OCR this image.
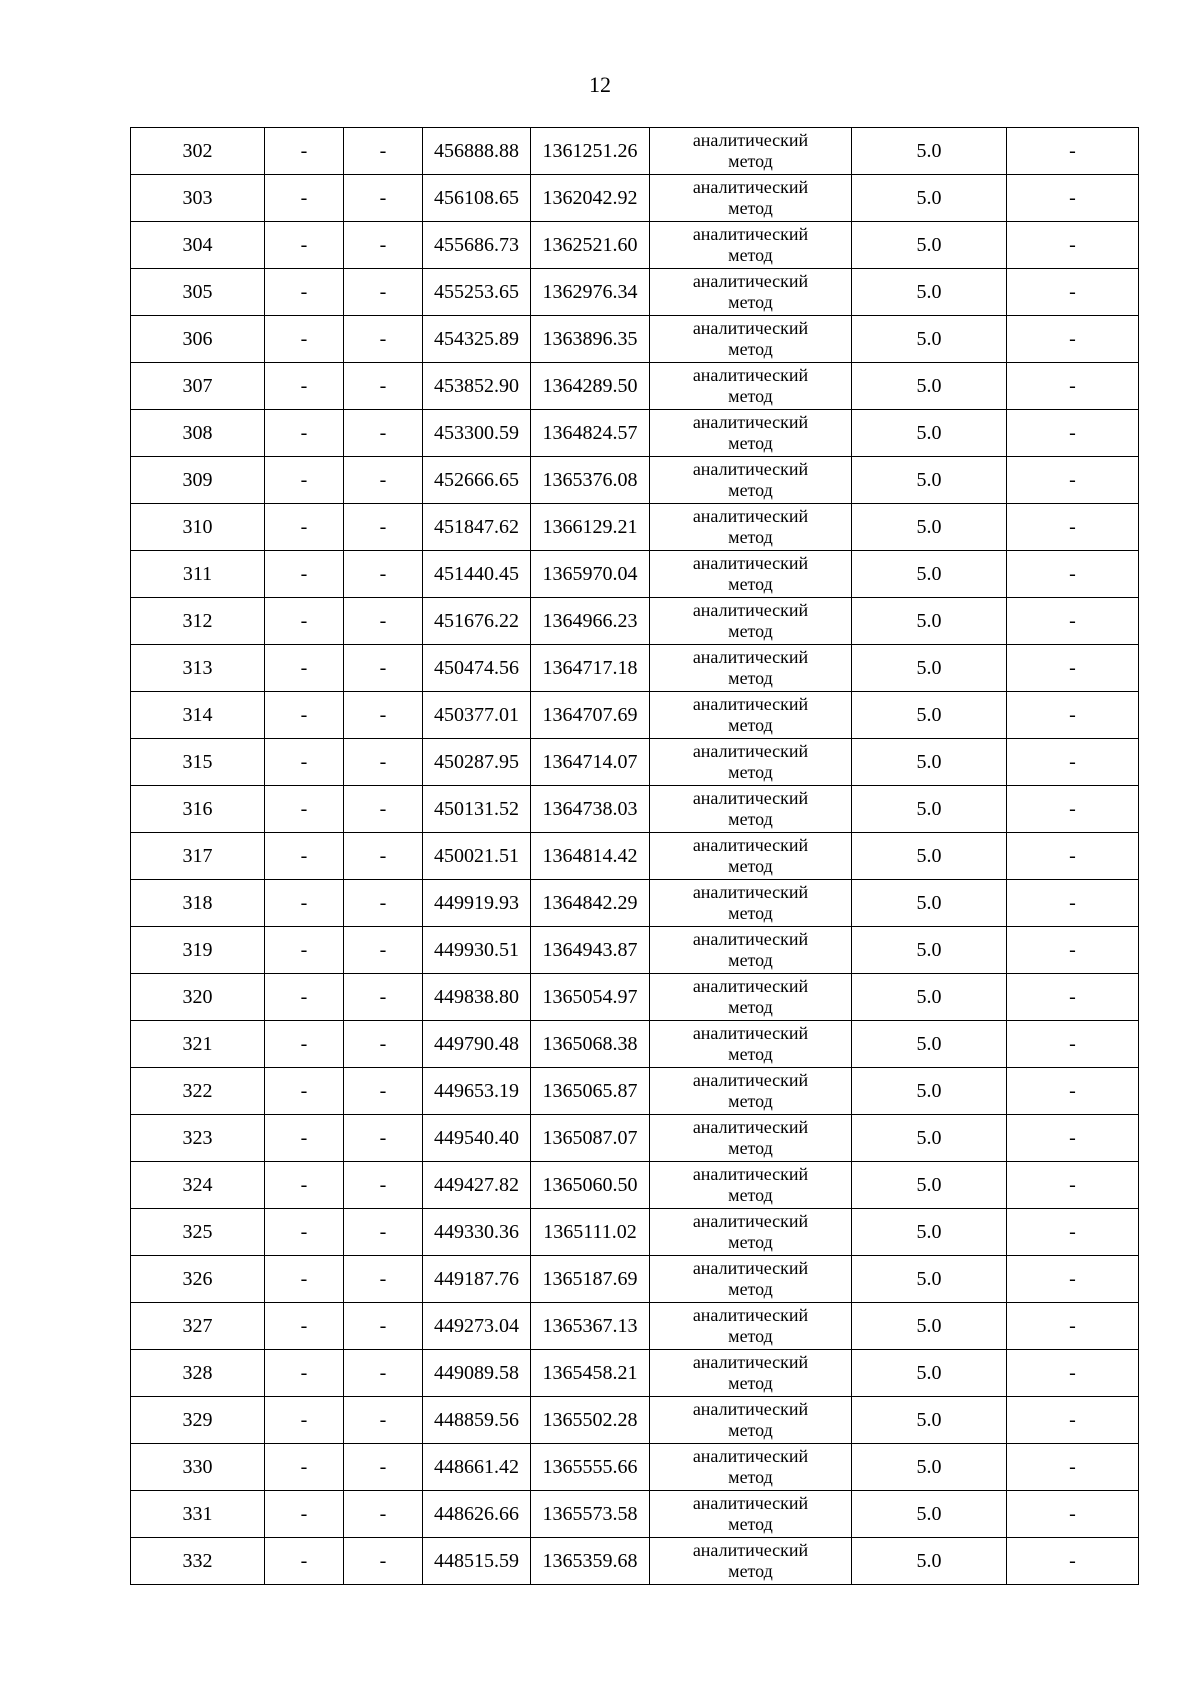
12
302	-	-	456888.88	1361251.26	аналитический
метод	5.0	-
303	-	-	456108.65	1362042.92	аналитический
метод	5.0	-
304	-	-	455686.73	1362521.60	аналитический
метод	5.0	-
305	-	-	455253.65	1362976.34	аналитический
метод	5.0	-
306	-	-	454325.89	1363896.35	аналитический
метод	5.0	-
307	-	-	453852.90	1364289.50	аналитический
метод	5.0	-
308	-	-	453300.59	1364824.57	аналитический
метод	5.0	-
309	-	-	452666.65	1365376.08	аналитический
метод	5.0	-
310	-	-	451847.62	1366129.21	аналитический
метод	5.0	-
311	-	-	451440.45	1365970.04	аналитический
метод	5.0	-
312	-	-	451676.22	1364966.23	аналитический
метод	5.0	-
313	-	-	450474.56	1364717.18	аналитический
метод	5.0	-
314	-	-	450377.01	1364707.69	аналитический
метод	5.0	-
315	-	-	450287.95	1364714.07	аналитический
метод	5.0	-
316	-	-	450131.52	1364738.03	аналитический
метод	5.0	-
317	-	-	450021.51	1364814.42	аналитический
метод	5.0	-
318	-	-	449919.93	1364842.29	аналитический
метод	5.0	-
319	-	-	449930.51	1364943.87	аналитический
метод	5.0	-
320	-	-	449838.80	1365054.97	аналитический
метод	5.0	-
321	-	-	449790.48	1365068.38	аналитический
метод	5.0	-
322	-	-	449653.19	1365065.87	аналитический
метод	5.0	-
323	-	-	449540.40	1365087.07	аналитический
метод	5.0	-
324	-	-	449427.82	1365060.50	аналитический
метод	5.0	-
325	-	-	449330.36	1365111.02	аналитический
метод	5.0	-
326	-	-	449187.76	1365187.69	аналитический
метод	5.0	-
327	-	-	449273.04	1365367.13	аналитический
метод	5.0	-
328	-	-	449089.58	1365458.21	аналитический
метод	5.0	-
329	-	-	448859.56	1365502.28	аналитический
метод	5.0	-
330	-	-	448661.42	1365555.66	аналитический
метод	5.0	-
331	-	-	448626.66	1365573.58	аналитический
метод	5.0	-
332	-	-	448515.59	1365359.68	аналитический
метод	5.0	-
